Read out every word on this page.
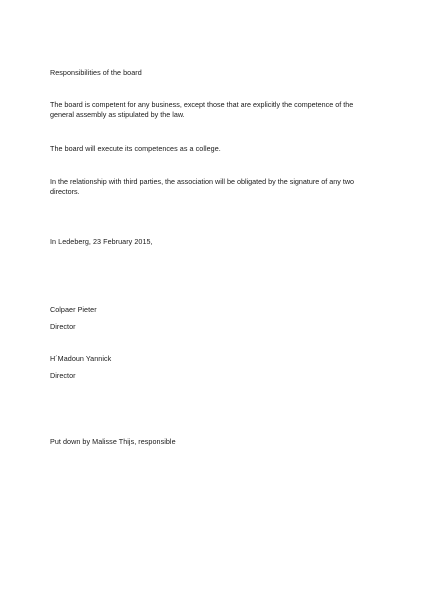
Responsibilities of the board
The board is competent for any business, except those that are explicitly the competence of the
general assembly as stipulated by the law.
The board will execute its competences as a college.
In the relationship with third parties, the association will be obligated by the signature of any two
directors.
In Ledeberg, 23 February 2015,
Colpaer Pieter
Director
H´Madoun Yannick
Director
Put down by Malisse Thijs, responsible
